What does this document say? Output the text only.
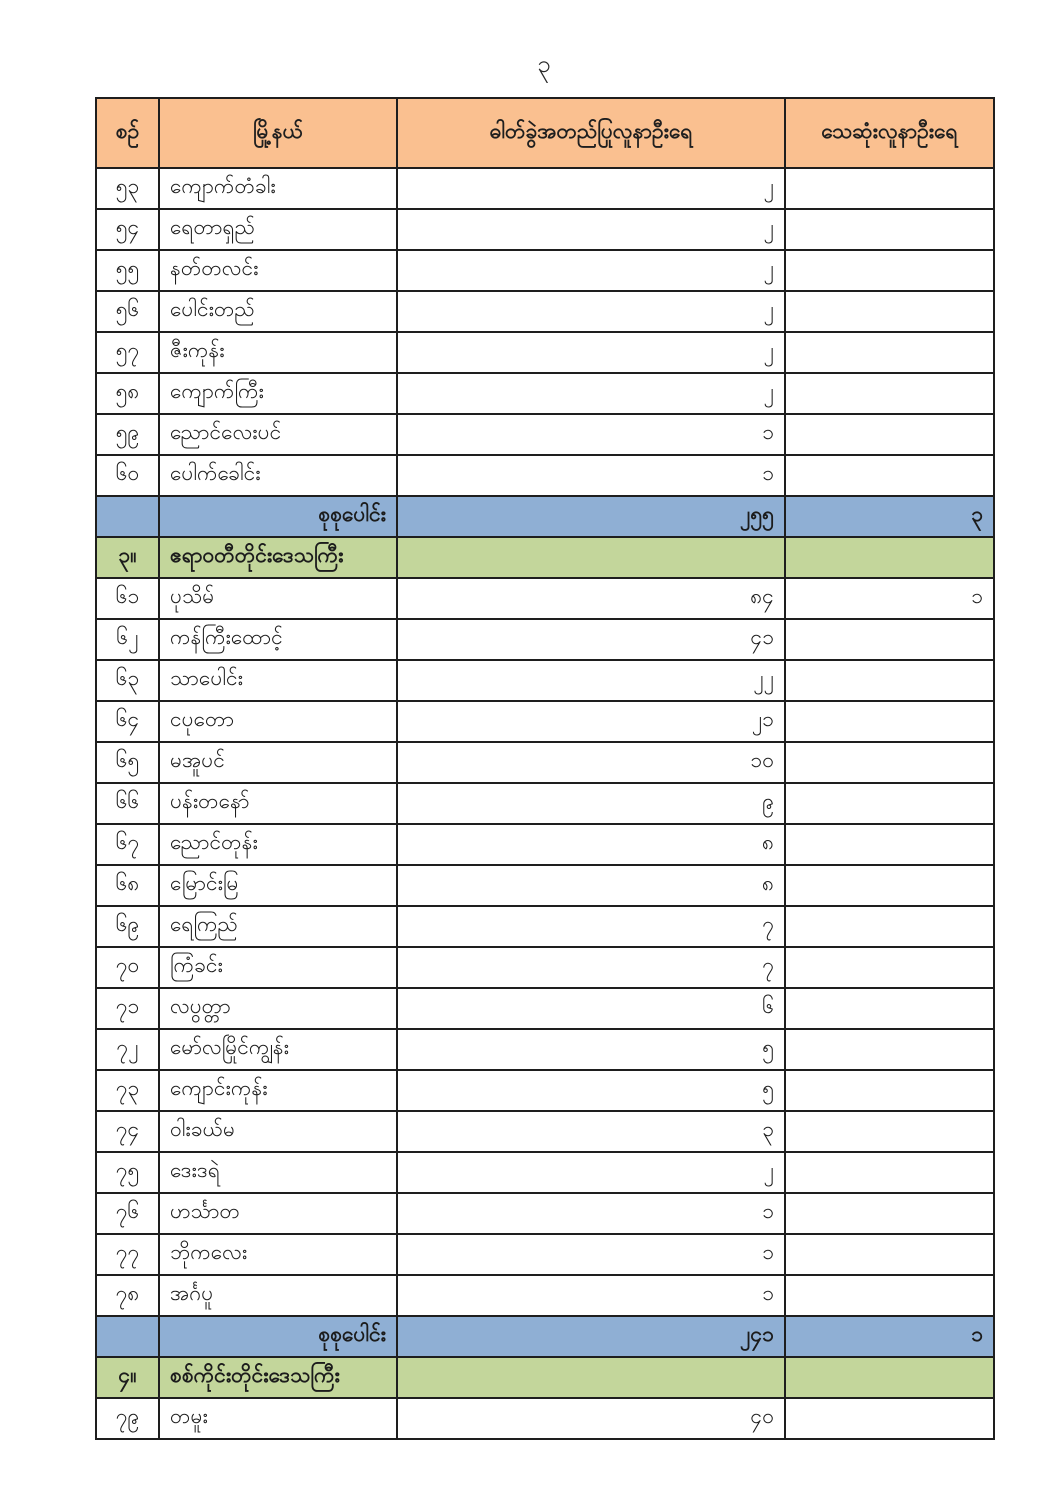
၃
စဉ်	မြို့နယ်	ဓါတ်ခွဲအတည်ပြုလူနာဦးရေ	သေဆုံးလူနာဦးရေ
၅၃	ကျောက်တံခါး	၂	
၅၄	ရေတာရှည်	၂	
၅၅	နတ်တလင်း	၂	
၅၆	ပေါင်းတည်	၂	
၅၇	ဇီးကုန်း	၂	
၅၈	ကျောက်ကြီး	၂	
၅၉	ညောင်လေးပင်	၁	
၆၀	ပေါက်ခေါင်း	၁	
	စုစုပေါင်း	၂၅၅	၃
၃။	ဧရာဝတီတိုင်းဒေသကြီး		
၆၁	ပုသိမ်	၈၄	၁
၆၂	ကန်ကြီးထောင့်	၄၁	
၆၃	သာပေါင်း	၂၂	
၆၄	ငပုတော	၂၁	
၆၅	မအူပင်	၁၀	
၆၆	ပန်းတနော်	၉	
၆၇	ညောင်တုန်း	၈	
၆၈	မြောင်းမြ	၈	
၆၉	ရေကြည်	၇	
၇၀	ကြံခင်း	၇	
၇၁	လပွတ္တာ	၆	
၇၂	မော်လမြိုင်ကျွန်း	၅	
၇၃	ကျောင်းကုန်း	၅	
၇၄	ဝါးခယ်မ	၃	
၇၅	ဒေးဒရဲ	၂	
၇၆	ဟင်္သာတ	၁	
၇၇	ဘိုကလေး	၁	
၇၈	အင်္ဂပူ	၁	
	စုစုပေါင်း	၂၄၁	၁
၄။	စစ်ကိုင်းတိုင်းဒေသကြီး		
၇၉	တမူး	၄၀	
